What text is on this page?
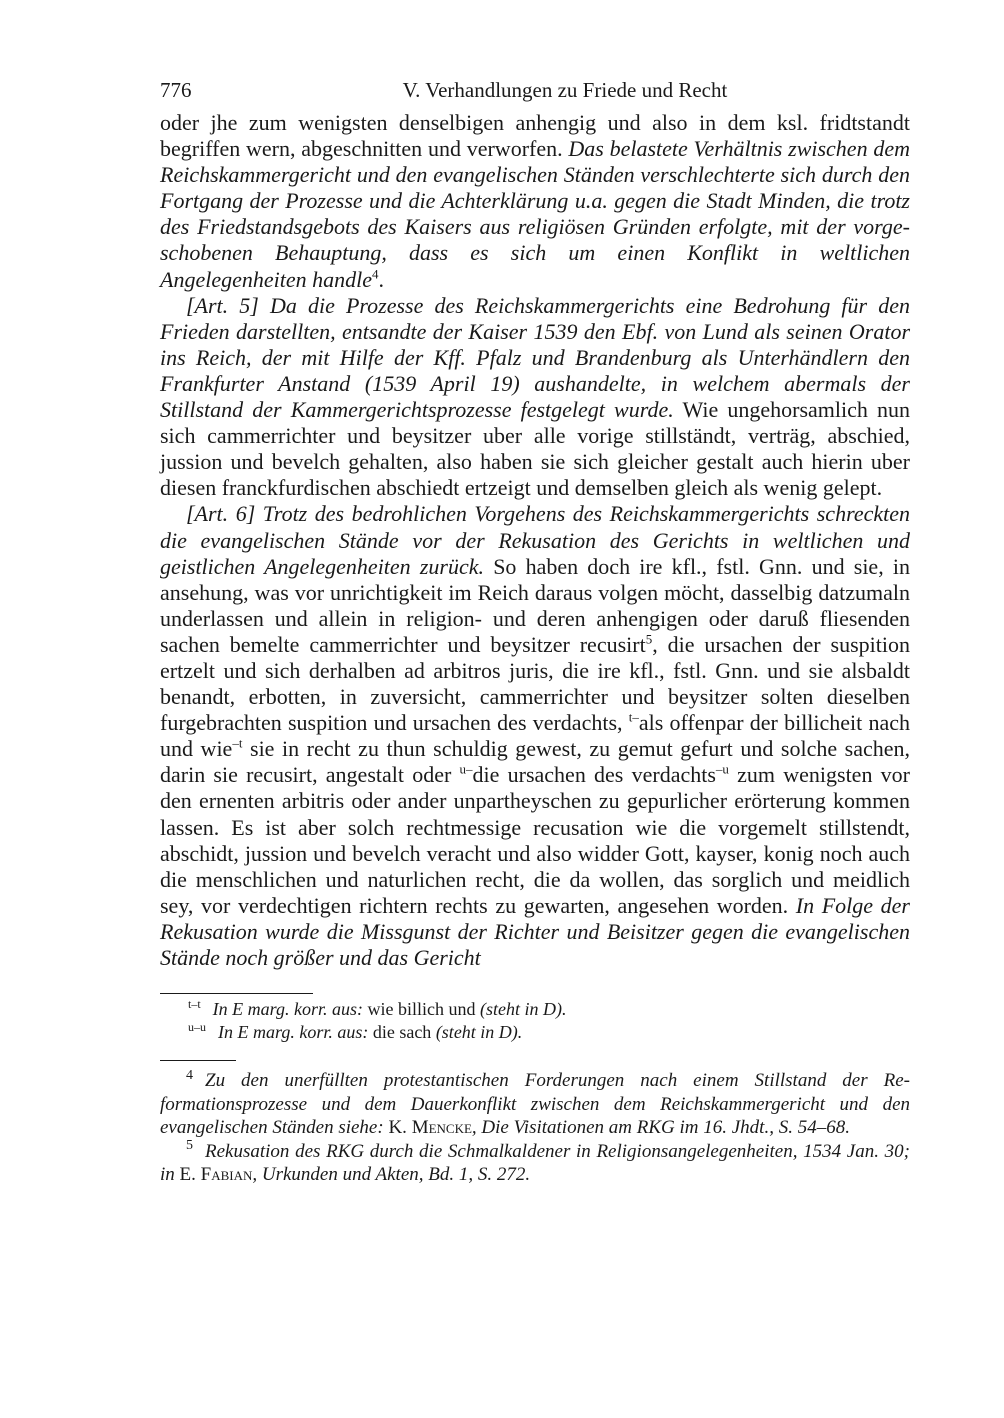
776	V. Verhandlungen zu Friede und Recht

oder jhe zum wenigsten denselbigen anhengig und also in dem ksl. fridtstandt begriffen wern, abgeschnitten und verworfen. Das belastete Verhältnis zwischen dem Reichskammergericht und den evangelischen Ständen verschlechterte sich durch den Fortgang der Prozesse und die Achterklärung u.a. gegen die Stadt Minden, die trotz des Friedstandsgebots des Kaisers aus religiösen Gründen erfolgte, mit der vorgeschobenen Behauptung, dass es sich um einen Konflikt in weltlichen Angelegenheiten handle$^4$.

[Art. 5] Da die Prozesse des Reichskammergerichts eine Bedrohung für den Frieden darstellten, entsandte der Kaiser 1539 den Ebf. von Lund als seinen Orator ins Reich, der mit Hilfe der Kff. Pfalz und Brandenburg als Unterhändlern den Frankfurter Anstand (1539 April 19) aushandelte, in welchem abermals der Stillstand der Kammergerichtsprozesse festgelegt wurde. Wie ungehorsamlich nun sich cammerrichter und beysitzer uber alle vorige stillständt, verträg, abschied, jussion und bevelch gehalten, also haben sie sich gleicher gestalt auch hierin uber diesen franckfurdischen abschiedt ertzeigt und demselben gleich als wenig gelept.

[Art. 6] Trotz des bedrohlichen Vorgehens des Reichskammergerichts schreckten die evangelischen Stände vor der Rekusation des Gerichts in weltlichen und geistlichen Angelegenheiten zurück. So haben doch ire kfl., fstl. Gnn. und sie, in ansehung, was vor unrichtigkeit im Reich daraus volgen möcht, dasselbig datzumaln underlassen und allein in religion- und deren anhengigen oder daruß fliesenden sachen bemelte cammerrichter und beysitzer recusirt$^5$, die ursachen der suspition ertzelt und sich derhalben ad arbitros juris, die ire kfl., fstl. Gnn. und sie alsbaldt benandt, erbotten, in zuversicht, cammerrichter und beysitzer solten dieselben furgebrachten suspition und ursachen des verdachts, $^{t-}$als offenpar der billicheit nach und wie$^{-t}$ sie in recht zu thun schuldig gewest, zu gemut gefurt und solche sachen, darin sie recusirt, angestalt oder $^{u-}$die ursachen des verdachts$^{-u}$ zum wenigsten vor den ernenten arbitris oder ander unpartheyschen zu gepurlicher erörterung kommen lassen. Es ist aber solch rechtmessige recusation wie die vorgemelt stillstendt, abschidt, jussion und bevelch veracht und also widder Gott, kayser, konig noch auch die menschlichen und naturlichen recht, die da wollen, das sorglich und meidlich sey, vor verdechtigen richtern rechts zu gewarten, angesehen worden. In Folge der Rekusation wurde die Missgunst der Richter und Beisitzer gegen die evangelischen Stände noch größer und das Gericht

$^{t-t}$ In E marg. korr. aus: wie billich und (steht in D).
$^{u-u}$ In E marg. korr. aus: die sach (steht in D).

$^4$ Zu den unerfüllten protestantischen Forderungen nach einem Stillstand der Reformationsprozesse und dem Dauerkonflikt zwischen dem Reichskammergericht und den evangelischen Ständen siehe: K. Mencke, Die Visitationen am RKG im 16. Jhdt., S. 54–68.

$^5$ Rekusation des RKG durch die Schmalkaldener in Religionsangelegenheiten, 1534 Jan. 30; in E. Fabian, Urkunden und Akten, Bd. 1, S. 272.
